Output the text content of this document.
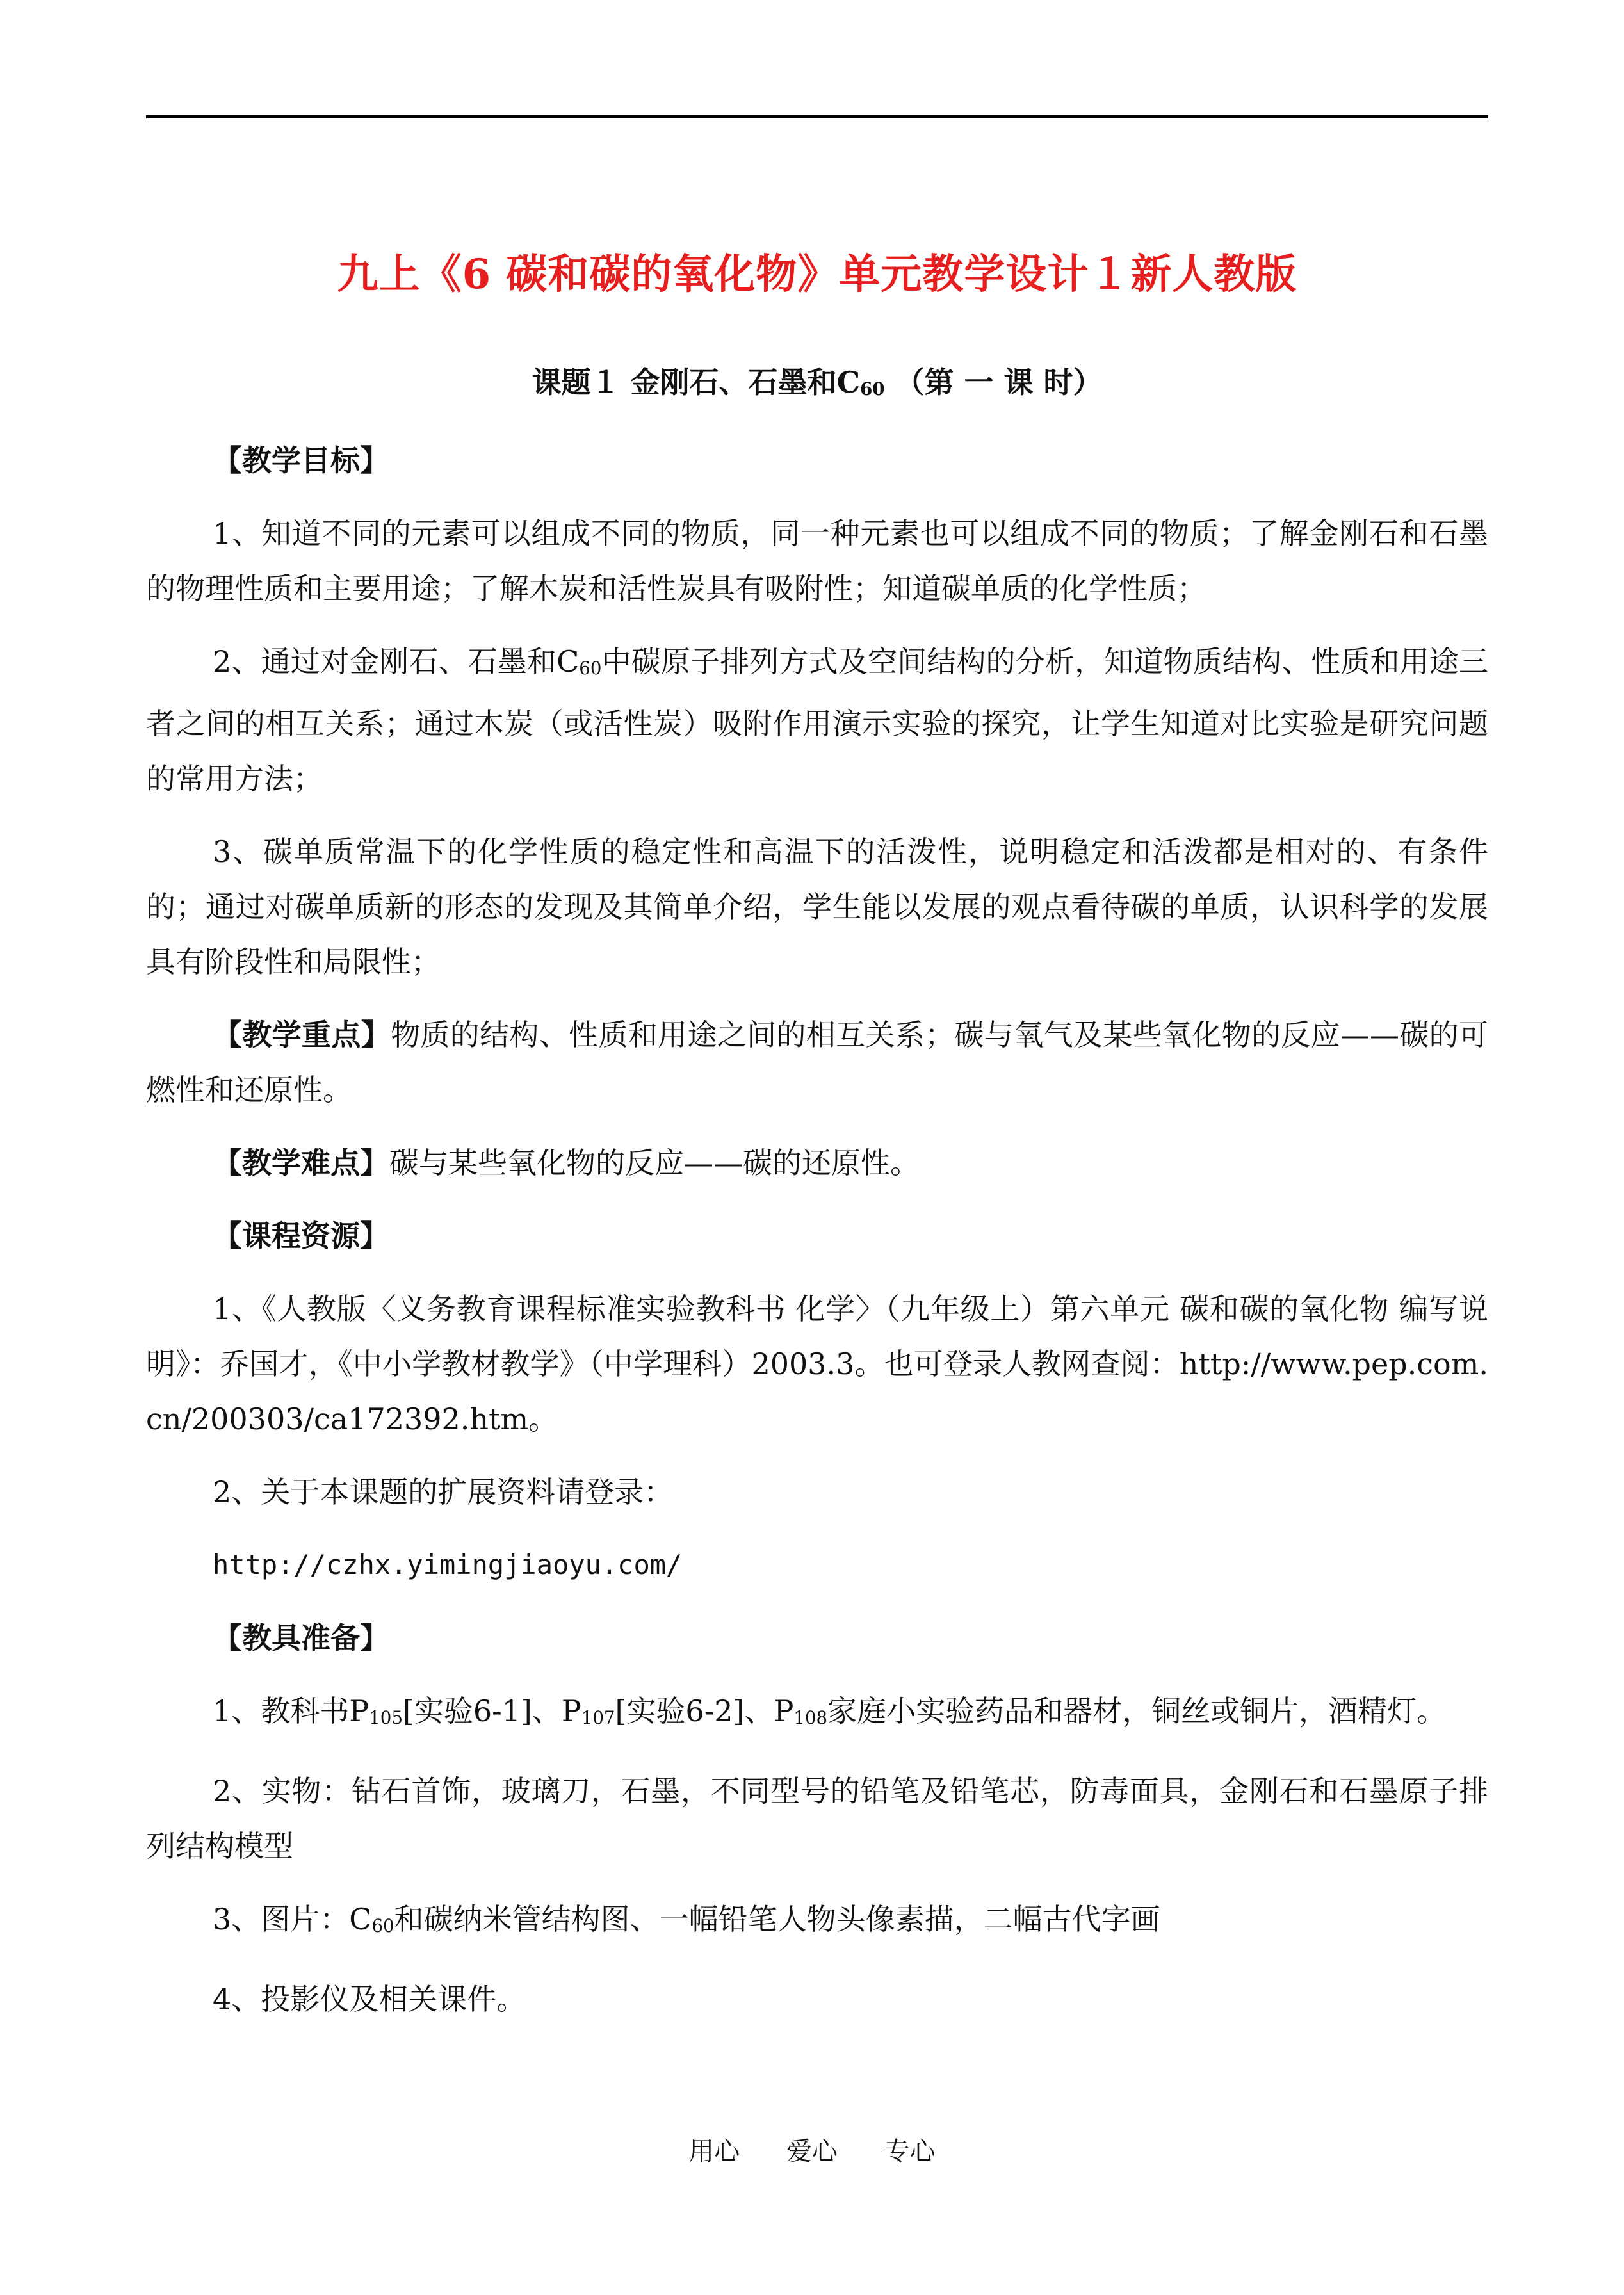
九上《6 碳和碳的氧化物》单元教学设计１新人教版
课题１ 金刚石、石墨和$C_{60}$ （第 一 课 时）

【教学目标】

1、知道不同的元素可以组成不同的物质，同一种元素也可以组成不同的物质；了解金刚石和石墨的物理性质和主要用途；了解木炭和活性炭具有吸附性；知道碳单质的化学性质；

2、通过对金刚石、石墨和$C_{60}$中碳原子排列方式及空间结构的分析，知道物质结构、性质和用途三者之间的相互关系；通过木炭（或活性炭）吸附作用演示实验的探究，让学生知道对比实验是研究问题的常用方法；

3、碳单质常温下的化学性质的稳定性和高温下的活泼性，说明稳定和活泼都是相对的、有条件的；通过对碳单质新的形态的发现及其简单介绍，学生能以发展的观点看待碳的单质，认识科学的发展具有阶段性和局限性；

【教学重点】物质的结构、性质和用途之间的相互关系；碳与氧气及某些氧化物的反应——碳的可燃性和还原性。

【教学难点】碳与某些氧化物的反应——碳的还原性。

【课程资源】

1、《人教版〈义务教育课程标准实验教科书 化学〉（九年级上）第六单元 碳和碳的氧化物 编写说明》：乔国才，《中小学教材教学》（中学理科）2003.3。也可登录人教网查阅：http://www.pep.com.cn/200303/ca172392.htm。

2、关于本课题的扩展资料请登录：

http://czhx.yimingjiaoyu.com/

【教具准备】

1、教科书$P_{105}$[实验6-1]、$P_{107}$[实验6-2]、$P_{108}$家庭小实验药品和器材，铜丝或铜片，酒精灯。

2、实物：钻石首饰，玻璃刀，石墨，不同型号的铅笔及铅笔芯，防毒面具，金刚石和石墨原子排列结构模型

3、图片：$C_{60}$和碳纳米管结构图、一幅铅笔人物头像素描，二幅古代字画

4、投影仪及相关课件。

用心 爱心 专心
